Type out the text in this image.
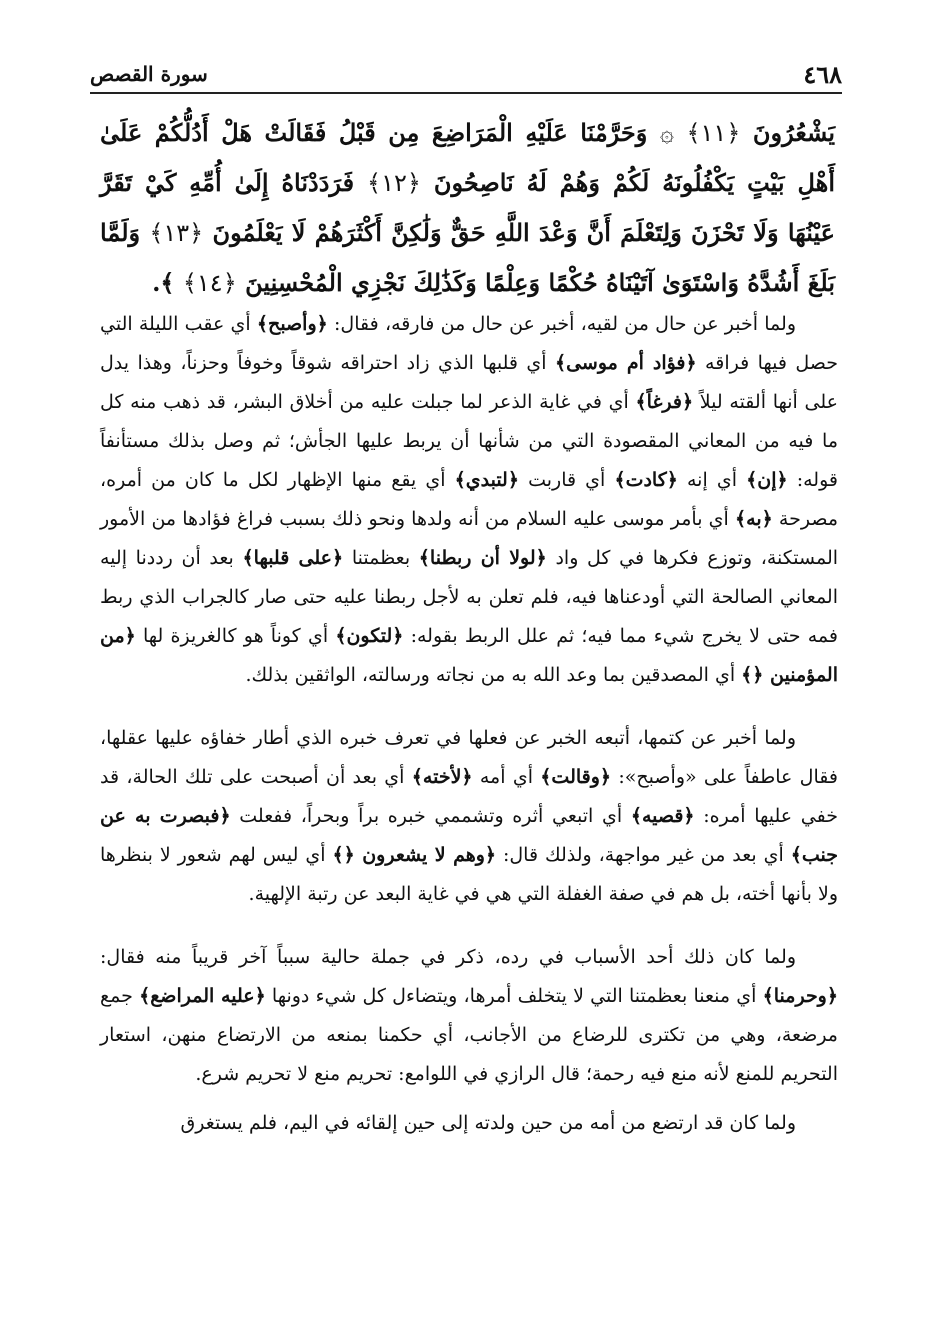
٤٦٨
سورة القصص
يَشْعُرُونَ ﴿ ١١ ﴾ ۞ وَحَرَّمْنَا عَلَيْهِ الْمَرَاضِعَ مِن قَبْلُ فَقَالَتْ هَلْ أَدُلُّكُمْ عَلَىٰ أَهْلِ بَيْتٍ يَكْفُلُونَهُ لَكُمْ وَهُمْ لَهُ نَاصِحُونَ ﴿ ١٢ ﴾ فَرَدَدْنَاهُ إِلَىٰ أُمِّهِ كَيْ تَقَرَّ عَيْنُهَا وَلَا تَحْزَنَ وَلِتَعْلَمَ أَنَّ وَعْدَ اللَّهِ حَقٌّ وَلَٰكِنَّ أَكْثَرَهُمْ لَا يَعْلَمُونَ ﴿ ١٣ ﴾ وَلَمَّا بَلَغَ أَشُدَّهُ وَاسْتَوَىٰ آتَيْنَاهُ حُكْمًا وَعِلْمًا وَكَذَٰلِكَ نَجْزِي الْمُحْسِنِينَ ﴿ ١٤ ﴾ ﴾.

ولما أخبر عن حال من لقيه، أخبر عن حال من فارقه، فقال: ﴿وأصبح﴾ أي عقب الليلة التي حصل فيها فراقه ﴿فؤاد أم موسى﴾ أي قلبها الذي زاد احتراقه شوقاً وخوفاً وحزناً، وهذا يدل على أنها ألقته ليلاً ﴿فرغاً﴾ أي في غاية الذعر لما جبلت عليه من أخلاق البشر، قد ذهب منه كل ما فيه من المعاني المقصودة التي من شأنها أن يربط عليها الجأش؛ ثم وصل بذلك مستأنفاً قوله: ﴿إن﴾ أي إنه ﴿كادت﴾ أي قاربت ﴿لتبدي﴾ أي يقع منها الإظهار لكل ما كان من أمره، مصرحة ﴿به﴾ أي بأمر موسى عليه السلام من أنه ولدها ونحو ذلك بسبب فراغ فؤادها من الأمور المستكنة، وتوزع فكرها في كل واد ﴿لولا أن ربطنا﴾ بعظمتنا ﴿على قلبها﴾ بعد أن رددنا إليه المعاني الصالحة التي أودعناها فيه، فلم تعلن به لأجل ربطنا عليه حتى صار كالجراب الذي ربط فمه حتى لا يخرج شيء مما فيه؛ ثم علل الربط بقوله: ﴿لتكون﴾ أي كوناً هو كالغريزة لها ﴿من المؤمنين ﴿﴾ أي المصدقين بما وعد الله به من نجاته ورسالته، الواثقين بذلك.

ولما أخبر عن كتمها، أتبعه الخبر عن فعلها في تعرف خبره الذي أطار خفاؤه عليها عقلها، فقال عاطفاً على «وأصبح»: ﴿وقالت﴾ أي أمه ﴿لأخته﴾ أي بعد أن أصبحت على تلك الحالة، قد خفي عليها أمره: ﴿قصيه﴾ أي اتبعي أثره وتشممي خبره براً وبحراً، ففعلت ﴿فبصرت به عن جنب﴾ أي بعد من غير مواجهة، ولذلك قال: ﴿وهم لا يشعرون ﴿﴾ أي ليس لهم شعور لا بنظرها ولا بأنها أخته، بل هم في صفة الغفلة التي هي في غاية البعد عن رتبة الإلهية.

ولما كان ذلك أحد الأسباب في رده، ذكر في جملة حالية سبباً آخر قريباً منه فقال: ﴿وحرمنا﴾ أي منعنا بعظمتنا التي لا يتخلف أمرها، ويتضاءل كل شيء دونها ﴿عليه المراضع﴾ جمع مرضعة، وهي من تكترى للرضاع من الأجانب، أي حكمنا بمنعه من الارتضاع منهن، استعار التحريم للمنع لأنه منع فيه رحمة؛ قال الرازي في اللوامع: تحريم منع لا تحريم شرع.

ولما كان قد ارتضع من أمه من حين ولدته إلى حين إلقائه في اليم، فلم يستغرق
